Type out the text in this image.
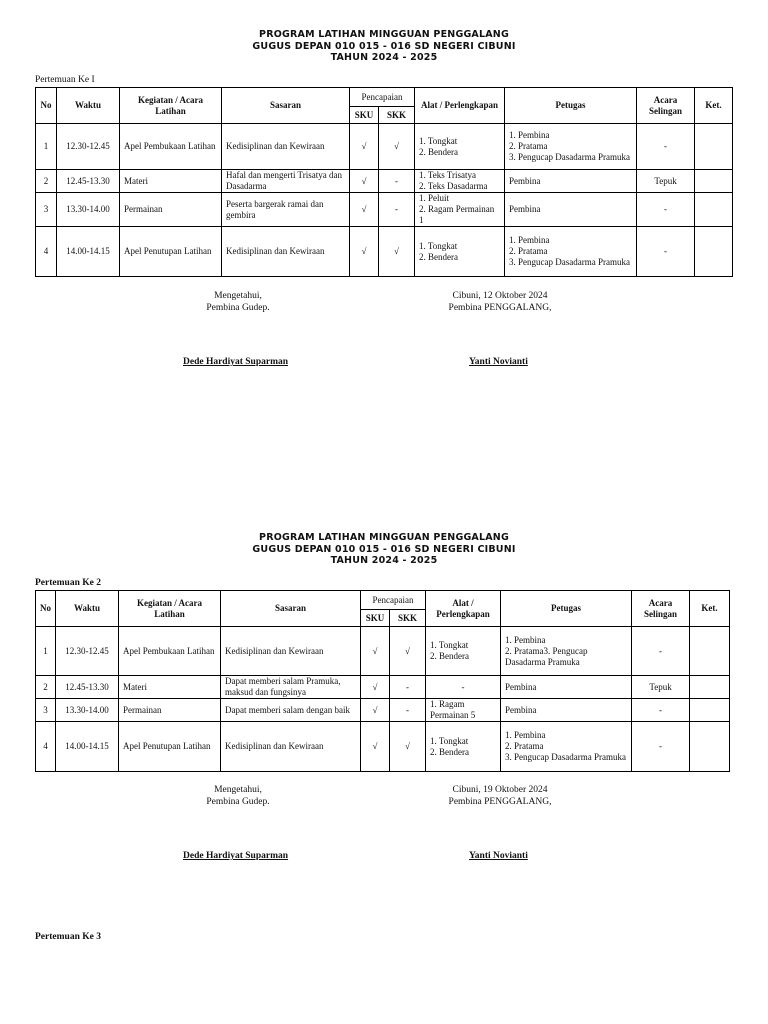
PROGRAM LATIHAN MINGGUAN PENGGALANG
GUGUS DEPAN 010 015 - 016 SD NEGERI CIBUNI
TAHUN 2024 - 2025
Pertemuan Ke I
No	Waktu	Kegiatan / Acara Latihan	Sasaran	Pencapaian		Alat / Perlengkapan	Petugas	Acara Selingan	Ket.
				SKU	SKK				
1	12.30-12.45	Apel Pembukaan Latihan	Kedisiplinan dan Kewiraan	√	√	1. Tongkat
2. Bendera	1. Pembina
2. Pratama
3. Pengucap Dasadarma Pramuka	-	
2	12.45-13.30	Materi	Hafal dan mengerti Trisatya dan Dasadarma	√	-	1. Teks Trisatya
2. Teks Dasadarma	Pembina	Tepuk	
3	13.30-14.00	Permainan	Peserta bargerak ramai dan gembira	√	-	1. Peluit
2. Ragam Permainan 1	Pembina	-	
4	14.00-14.15	Apel Penutupan Latihan	Kedisiplinan dan Kewiraan	√	√	1. Tongkat
2. Bendera	1. Pembina
2. Pratama
3. Pengucap Dasadarma Pramuka	-	
Mengetahui,
Pembina Gudep.
Cibuni, 12 Oktober 2024
Pembina PENGGALANG,
Dede Hardiyat Suparman	Yanti Novianti
PROGRAM LATIHAN MINGGUAN PENGGALANG
GUGUS DEPAN 010 015 - 016 SD NEGERI CIBUNI
TAHUN 2024 - 2025
Pertemuan Ke 2
No	Waktu	Kegiatan / Acara Latihan	Sasaran	Pencapaian		Alat / Perlengkapan	Petugas	Acara Selingan	Ket.
				SKU	SKK				
1	12.30-12.45	Apel Pembukaan Latihan	Kedisiplinan dan Kewiraan	√	√	1. Tongkat
2. Bendera	1. Pembina
2. Pratama3. Pengucap Dasadarma Pramuka	-	
2	12.45-13.30	Materi	Dapat memberi salam Pramuka, maksud dan fungsinya	√	-	-	Pembina	Tepuk	
3	13.30-14.00	Permainan	Dapat memberi salam dengan baik	√	-	1. Ragam
Permainan 5	Pembina	-	
4	14.00-14.15	Apel Penutupan Latihan	Kedisiplinan dan Kewiraan	√	√	1. Tongkat
2. Bendera	1. Pembina
2. Pratama
3. Pengucap Dasadarma Pramuka	-	
Mengetahui,
Pembina Gudep.
Cibuni, 19 Oktober 2024
Pembina PENGGALANG,
Dede Hardiyat Suparman	Yanti Novianti
Pertemuan Ke 3
